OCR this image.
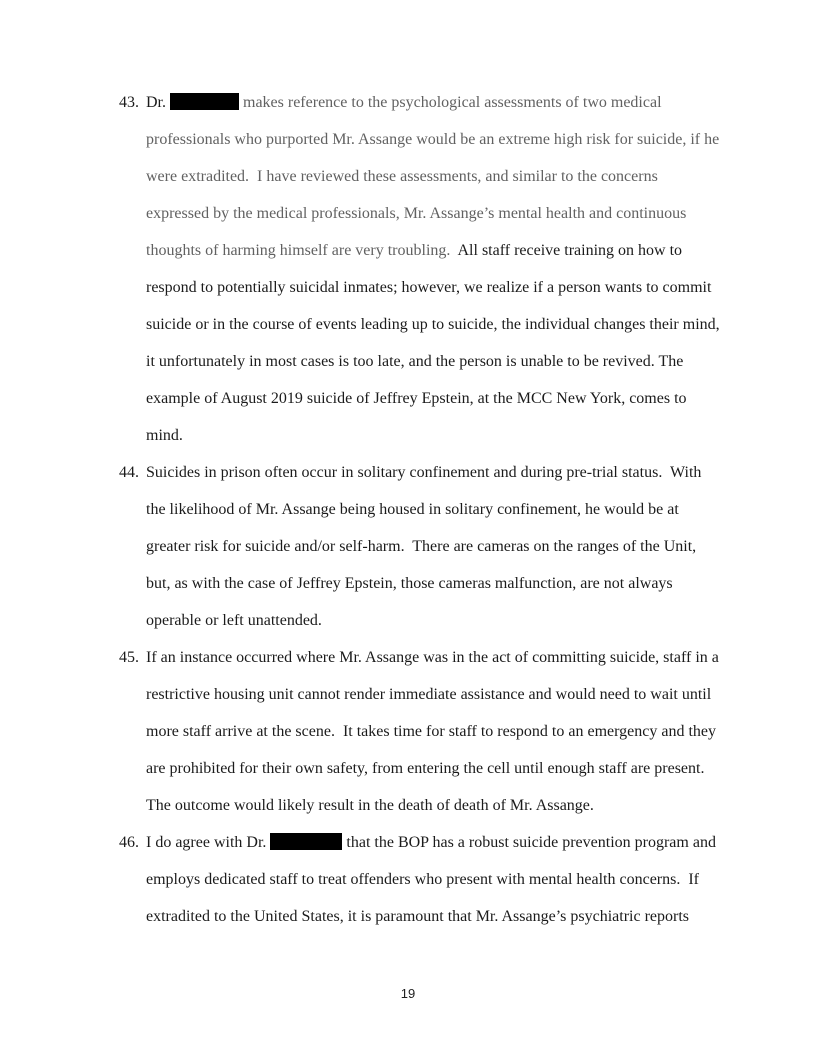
43. Dr.	makes reference to the psychological assessments of two medical
professionals who purported Mr. Assange would be an extreme high risk for suicide, if he
were extradited.  I have reviewed these assessments, and similar to the concerns
expressed by the medical professionals, Mr. Assange’s mental health and continuous
thoughts of harming himself are very troubling.  All staff receive training on how to
respond to potentially suicidal inmates; however, we realize if a person wants to commit
suicide or in the course of events leading up to suicide, the individual changes their mind,
it unfortunately in most cases is too late, and the person is unable to be revived. The
example of August 2019 suicide of Jeffrey Epstein, at the MCC New York, comes to
mind.
44. Suicides in prison often occur in solitary confinement and during pre-trial status.  With
the likelihood of Mr. Assange being housed in solitary confinement, he would be at
greater risk for suicide and/or self-harm.  There are cameras on the ranges of the Unit,
but, as with the case of Jeffrey Epstein, those cameras malfunction, are not always
operable or left unattended.
45. If an instance occurred where Mr. Assange was in the act of committing suicide, staff in a
restrictive housing unit cannot render immediate assistance and would need to wait until
more staff arrive at the scene.  It takes time for staff to respond to an emergency and they
are prohibited for their own safety, from entering the cell until enough staff are present.
The outcome would likely result in the death of death of Mr. Assange.
46. I do agree with Dr.	that the BOP has a robust suicide prevention program and
employs dedicated staff to treat offenders who present with mental health concerns.  If
extradited to the United States, it is paramount that Mr. Assange’s psychiatric reports
19
